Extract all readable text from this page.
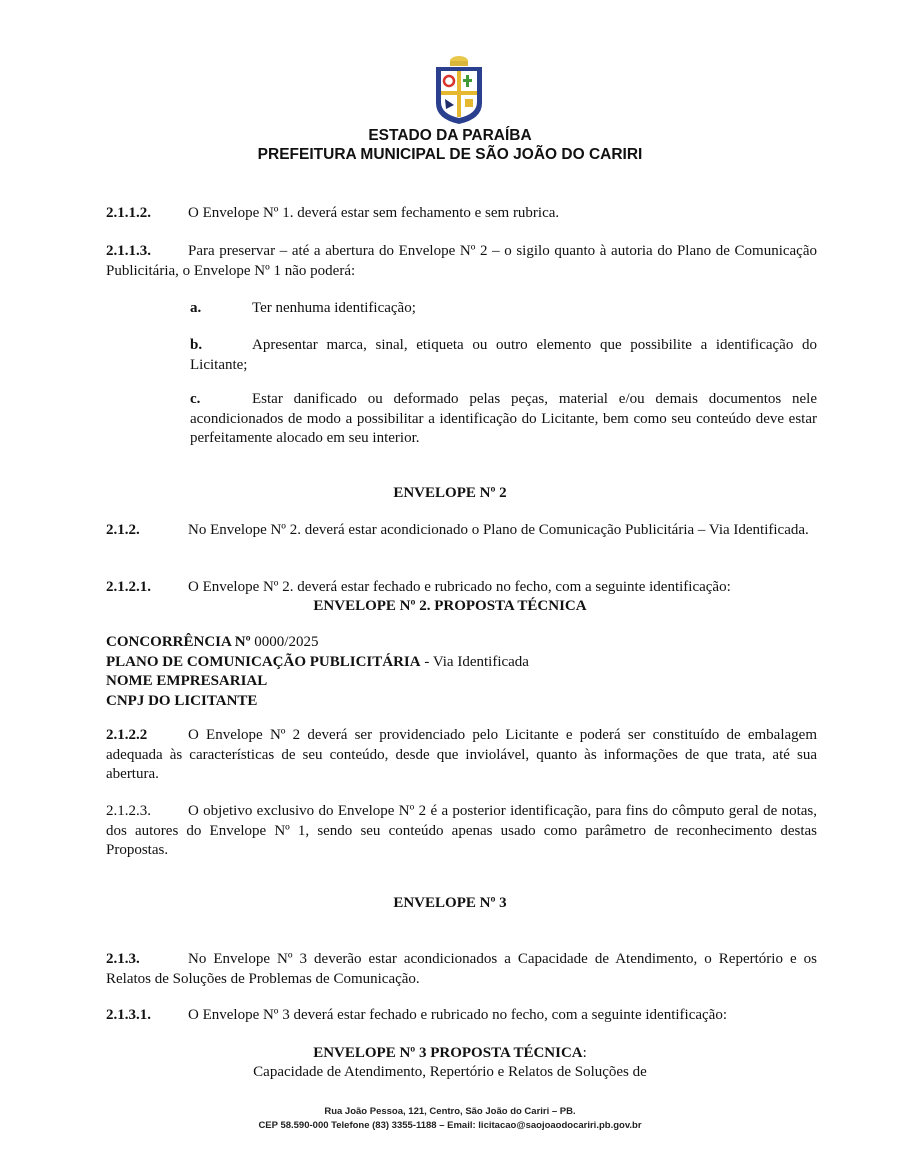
ESTADO DA PARAÍBA
PREFEITURA MUNICIPAL DE SÃO JOÃO DO CARIRI
2.1.1.2. O Envelope Nº 1. deverá estar sem fechamento e sem rubrica.
2.1.1.3. Para preservar – até a abertura do Envelope Nº 2 – o sigilo quanto à autoria do Plano de Comunicação Publicitária, o Envelope Nº 1 não poderá:
a.	Ter nenhuma identificação;
b.	Apresentar marca, sinal, etiqueta ou outro elemento que possibilite a identificação do Licitante;
c.	Estar danificado ou deformado pelas peças, material e/ou demais documentos nele acondicionados de modo a possibilitar a identificação do Licitante, bem como seu conteúdo deve estar perfeitamente alocado em seu interior.
ENVELOPE Nº 2
2.1.2.	No Envelope Nº 2. deverá estar acondicionado o Plano de Comunicação Publicitária – Via Identificada.
2.1.2.1. O Envelope Nº 2. deverá estar fechado e rubricado no fecho, com a seguinte identificação:
ENVELOPE Nº 2. PROPOSTA TÉCNICA
CONCORRÊNCIA Nº 0000/2025
PLANO DE COMUNICAÇÃO PUBLICITÁRIA - Via Identificada
NOME EMPRESARIAL
CNPJ DO LICITANTE
2.1.2.2	O Envelope Nº 2 deverá ser providenciado pelo Licitante e poderá ser constituído de embalagem adequada às características de seu conteúdo, desde que inviolável, quanto às informações de que trata, até sua abertura.
2.1.2.3. O objetivo exclusivo do Envelope Nº 2 é a posterior identificação, para fins do cômputo geral de notas, dos autores do Envelope Nº 1, sendo seu conteúdo apenas usado como parâmetro de reconhecimento destas Propostas.
ENVELOPE Nº 3
2.1.3.	No Envelope Nº 3 deverão estar acondicionados a Capacidade de Atendimento, o Repertório e os Relatos de Soluções de Problemas de Comunicação.
2.1.3.1. O Envelope Nº 3 deverá estar fechado e rubricado no fecho, com a seguinte identificação:
ENVELOPE Nº 3 PROPOSTA TÉCNICA:
Capacidade de Atendimento, Repertório e Relatos de Soluções de
Rua João Pessoa, 121, Centro, São João do Cariri – PB.
CEP 58.590-000 Telefone (83) 3355-1188 – Email: licitacao@saojoaodocariri.pb.gov.br
